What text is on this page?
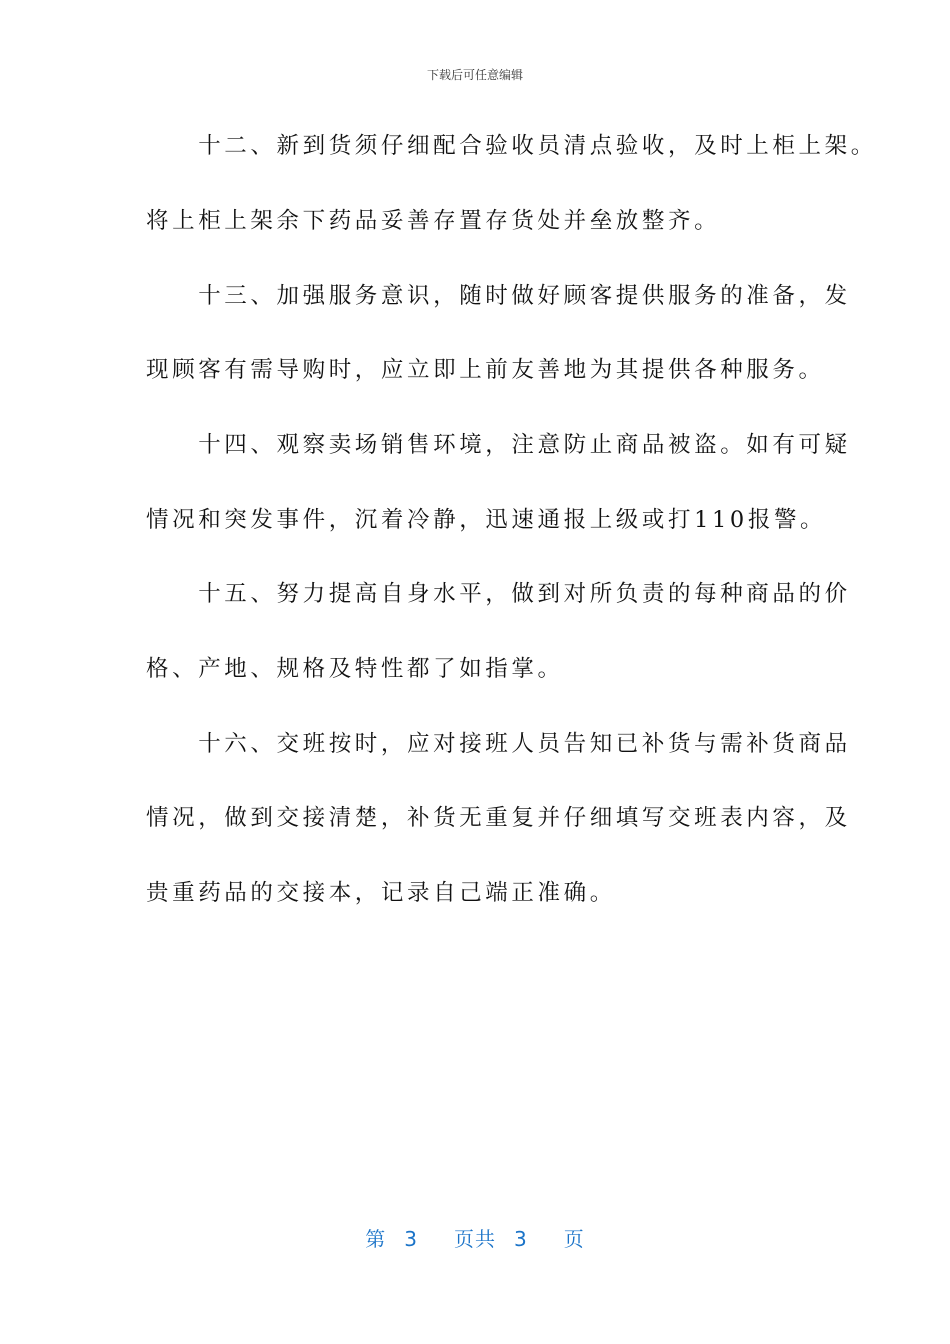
下载后可任意编辑
　　十二、新到货须仔细配合验收员清点验收，及时上柜上架。
将上柜上架余下药品妥善存置存货处并垒放整齐。
　　十三、加强服务意识，随时做好顾客提供服务的准备，发
现顾客有需导购时，应立即上前友善地为其提供各种服务。
　　十四、观察卖场销售环境，注意防止商品被盗。如有可疑
情况和突发事件，沉着冷静，迅速通报上级或打110报警。
　　十五、努力提高自身水平，做到对所负责的每种商品的价
格、产地、规格及特性都了如指掌。
　　十六、交班按时，应对接班人员告知已补货与需补货商品
情况，做到交接清楚，补货无重复并仔细填写交班表内容，及
贵重药品的交接本，记录自己端正准确。
第 3 页共 3 页
